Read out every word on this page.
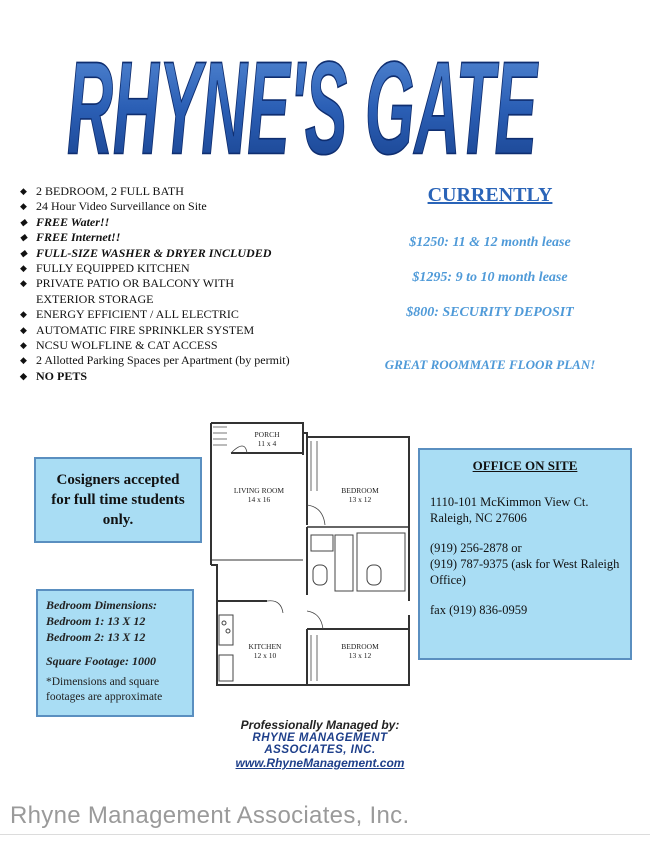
RHYNE'S GATE
◆ 2 BEDROOM, 2 FULL BATH
◆ 24 Hour Video Surveillance on Site
◆ FREE Water!!
◆ FREE Internet!!
◆ FULL-SIZE WASHER & DRYER INCLUDED
◆ FULLY EQUIPPED KITCHEN
◆ PRIVATE PATIO OR BALCONY WITH
EXTERIOR STORAGE
◆ ENERGY EFFICIENT / ALL ELECTRIC
◆ AUTOMATIC FIRE SPRINKLER SYSTEM
◆ NCSU WOLFLINE & CAT ACCESS
◆ 2 Allotted Parking Spaces per Apartment (by permit)
◆ NO PETS
CURRENTLY
$1250: 11 & 12 month lease
$1295: 9 to 10 month lease
$800: SECURITY DEPOSIT
GREAT ROOMMATE FLOOR PLAN!
Cosigners accepted for full time students only.
PORCH
11 x 4
LIVING ROOM
14 x 16
BEDROOM
13 x 12
KITCHEN
12 x 10
BEDROOM
13 x 12
Bedroom Dimensions:
Bedroom 1: 13 X 12
Bedroom 2: 13 X 12
Square Footage: 1000
*Dimensions and square footages are approximate
OFFICE ON SITE
1110-101 McKimmon View Ct.
Raleigh, NC 27606
(919) 256-2878 or
(919) 787-9375 (ask for West Raleigh Office)
fax (919) 836-0959
Professionally Managed by:
RHYNE MANAGEMENT
ASSOCIATES, INC.
www.RhyneManagement.com
Rhyne Management Associates, Inc.
